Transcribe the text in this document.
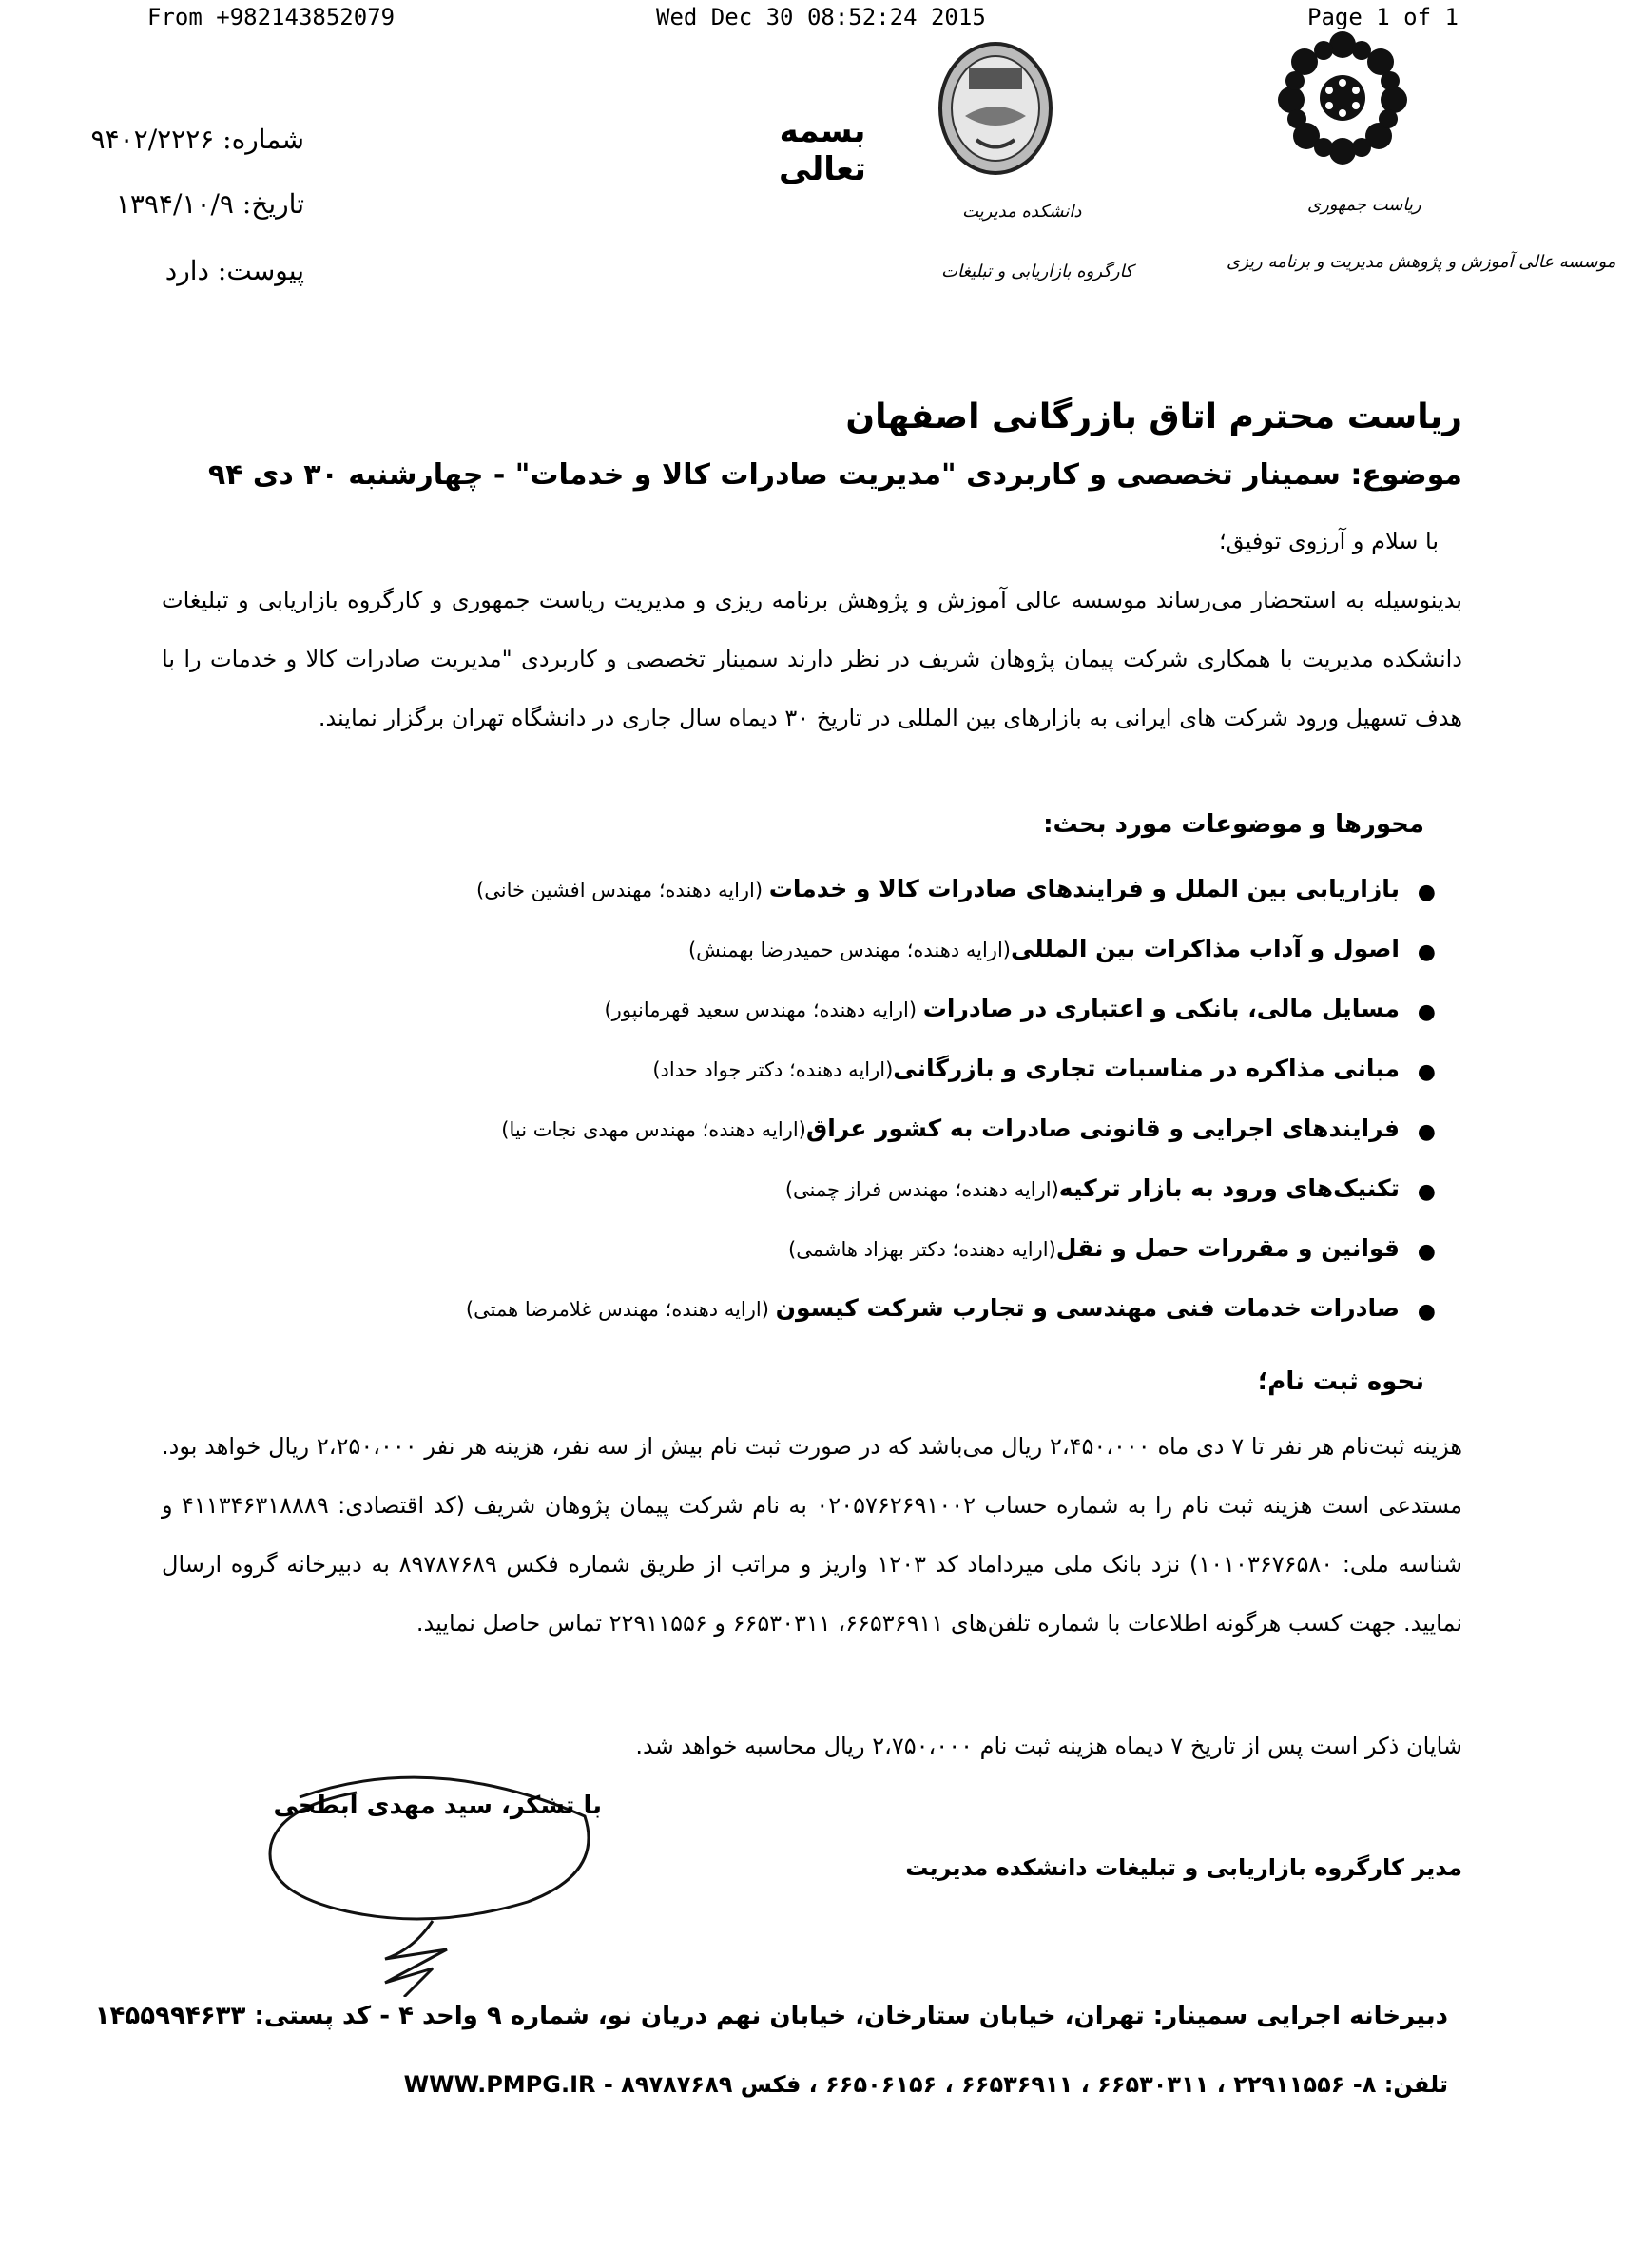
From +982143852079	Wed Dec 30 08:52:24 2015	Page 1 of 1
شماره: ۹۴۰۲/۲۲۲۶
تاریخ: ۱۳۹۴/۱۰/۹
پیوست: دارد
بسمه تعالی
دانشکده مدیریت
کارگروه بازاریابی و تبلیغات
ریاست جمهوری
موسسه عالی آموزش و پژوهش مدیریت و برنامه ریزی
ریاست محترم اتاق بازرگانی اصفهان
موضوع: سمینار تخصصی و کاربردی "مدیریت صادرات کالا و خدمات" - چهارشنبه ۳۰ دی ۹۴
با سلام و آرزوی توفیق؛
بدینوسیله به استحضار می‌رساند موسسه عالی آموزش و پژوهش برنامه ریزی و مدیریت ریاست جمهوری و کارگروه بازاریابی و تبلیغات دانشکده مدیریت با همکاری شرکت پیمان پژوهان شریف در نظر دارند سمینار تخصصی و کاربردی "مدیریت صادرات کالا و خدمات را با هدف تسهیل ورود شرکت های ایرانی به بازارهای بین المللی در تاریخ ۳۰ دیماه سال جاری در دانشگاه تهران برگزار نمایند.
محورها و موضوعات مورد بحث:
●
بازاریابی بین الملل و فرایندهای صادرات کالا و خدمات (ارایه دهنده؛ مهندس افشین خانی)
●
اصول و آداب مذاکرات بین المللی(ارایه دهنده؛ مهندس حمیدرضا بهمنش)
●
مسایل مالی، بانکی و اعتباری در صادرات (ارایه دهنده؛ مهندس سعید قهرمانپور)
●
مبانی مذاکره در مناسبات تجاری و بازرگانی(ارایه دهنده؛ دکتر جواد حداد)
●
فرایندهای اجرایی و قانونی صادرات به کشور عراق(ارایه دهنده؛ مهندس مهدی نجات نیا)
●
تکنیک‌های ورود به بازار ترکیه(ارایه دهنده؛ مهندس فراز چمنی)
●
قوانین و مقررات حمل و نقل(ارایه دهنده؛ دکتر بهزاد هاشمی)
●
صادرات خدمات فنی مهندسی و تجارب شرکت کیسون (ارایه دهنده؛ مهندس غلامرضا همتی)
نحوه ثبت نام؛
هزینه ثبت‌نام هر نفر تا ۷ دی ماه ۲،۴۵۰،۰۰۰ ریال می‌باشد که در صورت ثبت نام بیش از سه نفر، هزینه هر نفر ۲،۲۵۰،۰۰۰ ریال خواهد بود. مستدعی است هزینه ثبت نام را به شماره حساب ۰۲۰۵۷۶۲۶۹۱۰۰۲ به نام شرکت پیمان پژوهان شریف (کد اقتصادی: ۴۱۱۳۴۶۳۱۸۸۸۹ و شناسه ملی: ۱۰۱۰۳۶۷۶۵۸۰) نزد بانک ملی میرداماد کد ۱۲۰۳ واریز و مراتب از طریق شماره فکس ۸۹۷۸۷۶۸۹ به دبیرخانه گروه ارسال نمایید. جهت کسب هرگونه اطلاعات با شماره تلفن‌های ۶۶۵۳۶۹۱۱، ۶۶۵۳۰۳۱۱ و ۲۲۹۱۱۵۵۶ تماس حاصل نمایید.
شایان ذکر است پس از تاریخ ۷ دیماه هزینه ثبت نام ۲،۷۵۰،۰۰۰ ریال محاسبه خواهد شد.
با تشکر، سید مهدی ابطحی
مدیر کارگروه بازاریابی و تبلیغات دانشکده مدیریت
دبیرخانه اجرایی سمینار: تهران، خیابان ستارخان، خیابان نهم دریان نو، شماره ۹ واحد ۴ - کد پستی: ۱۴۵۵۹۹۴۶۳۳
تلفن: ۸- ۲۲۹۱۱۵۵۶ ، ۶۶۵۳۰۳۱۱ ، ۶۶۵۳۶۹۱۱ ، ۶۶۵۰۶۱۵۶ ، فکس ۸۹۷۸۷۶۸۹ - WWW.PMPG.IR
